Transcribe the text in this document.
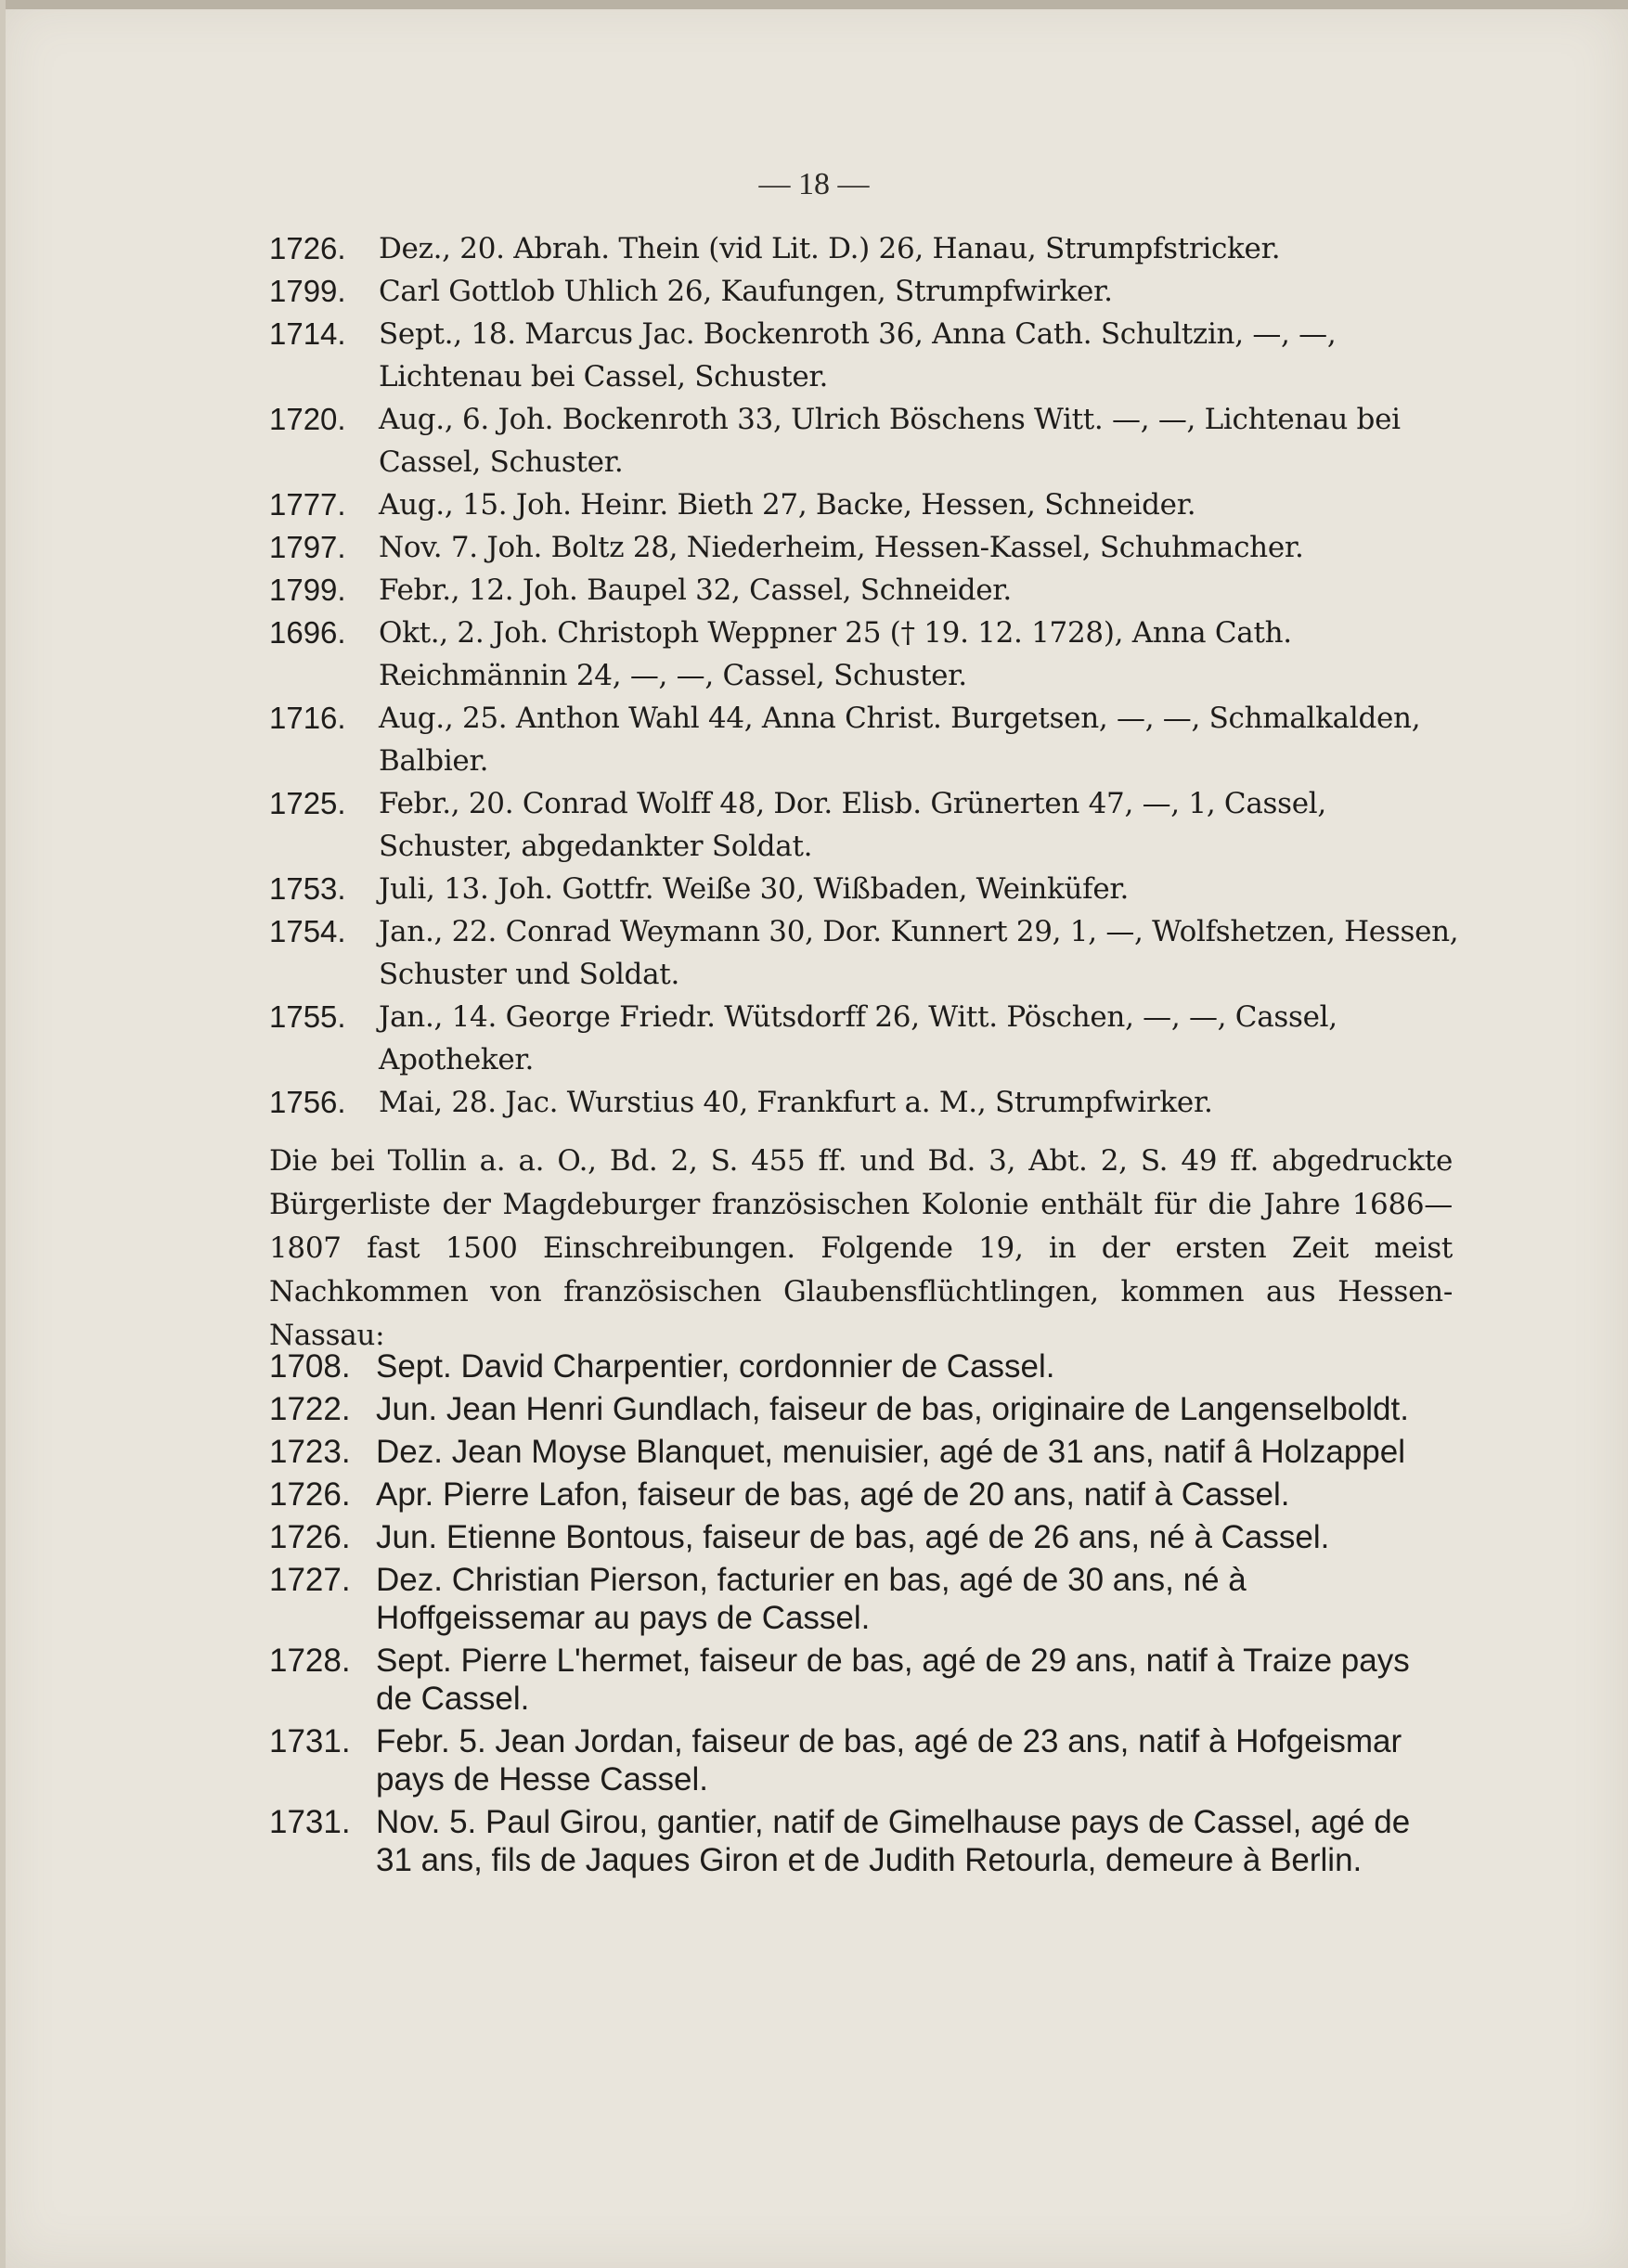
— 18 —
1726.	Dez., 20. Abrah. Thein (vid Lit. D.) 26, Hanau, Strumpfstricker.
1799.	Carl Gottlob Uhlich 26, Kaufungen, Strumpfwirker.
1714.	Sept., 18. Marcus Jac. Bockenroth 36, Anna Cath. Schultzin, —, —, Lichtenau bei Cassel, Schuster.
1720.	Aug., 6. Joh. Bockenroth 33, Ulrich Böschens Witt. —, —, Lichtenau bei Cassel, Schuster.
1777.	Aug., 15. Joh. Heinr. Bieth 27, Backe, Hessen, Schneider.
1797.	Nov. 7. Joh. Boltz 28, Niederheim, Hessen-Kassel, Schuhmacher.
1799.	Febr., 12. Joh. Baupel 32, Cassel, Schneider.
1696.	Okt., 2. Joh. Christoph Weppner 25 († 19. 12. 1728), Anna Cath. Reichmännin 24, —, —, Cassel, Schuster.
1716.	Aug., 25. Anthon Wahl 44, Anna Christ. Burgetsen, —, —, Schmalkalden, Balbier.
1725.	Febr., 20. Conrad Wolff 48, Dor. Elisb. Grünerten 47, —, 1, Cassel, Schuster, abgedankter Soldat.
1753.	Juli, 13. Joh. Gottfr. Weiße 30, Wißbaden, Weinküfer.
1754.	Jan., 22. Conrad Weymann 30, Dor. Kunnert 29, 1, —, Wolfshetzen, Hessen, Schuster und Soldat.
1755.	Jan., 14. George Friedr. Wütsdorff 26, Witt. Pöschen, —, —, Cassel, Apotheker.
1756.	Mai, 28. Jac. Wurstius 40, Frankfurt a. M., Strumpfwirker.
Die bei Tollin a. a. O., Bd. 2, S. 455 ff. und Bd. 3, Abt. 2, S. 49 ff. abgedruckte Bürgerliste der Magdeburger französischen Kolonie enthält für die Jahre 1686—1807 fast 1500 Einschreibungen. Folgende 19, in der ersten Zeit meist Nachkommen von französischen Glaubensflüchtlingen, kommen aus Hessen-Nassau:
1708. Sept. David Charpentier, cordonnier de Cassel.
1722. Jun. Jean Henri Gundlach, faiseur de bas, originaire de Langenselboldt.
1723. Dez. Jean Moyse Blanquet, menuisier, agé de 31 ans, natif â Holzappel
1726. Apr. Pierre Lafon, faiseur de bas, agé de 20 ans, natif à Cassel.
1726. Jun. Etienne Bontous, faiseur de bas, agé de 26 ans, né à Cassel.
1727. Dez. Christian Pierson, facturier en bas, agé de 30 ans, né à Hoffgeissemar au pays de Cassel.
1728. Sept. Pierre L'hermet, faiseur de bas, agé de 29 ans, natif à Traize pays de Cassel.
1731. Febr. 5. Jean Jordan, faiseur de bas, agé de 23 ans, natif à Hofgeismar pays de Hesse Cassel.
1731. Nov. 5. Paul Girou, gantier, natif de Gimelhause pays de Cassel, agé de 31 ans, fils de Jaques Giron et de Judith Retourla, demeure à Berlin.
